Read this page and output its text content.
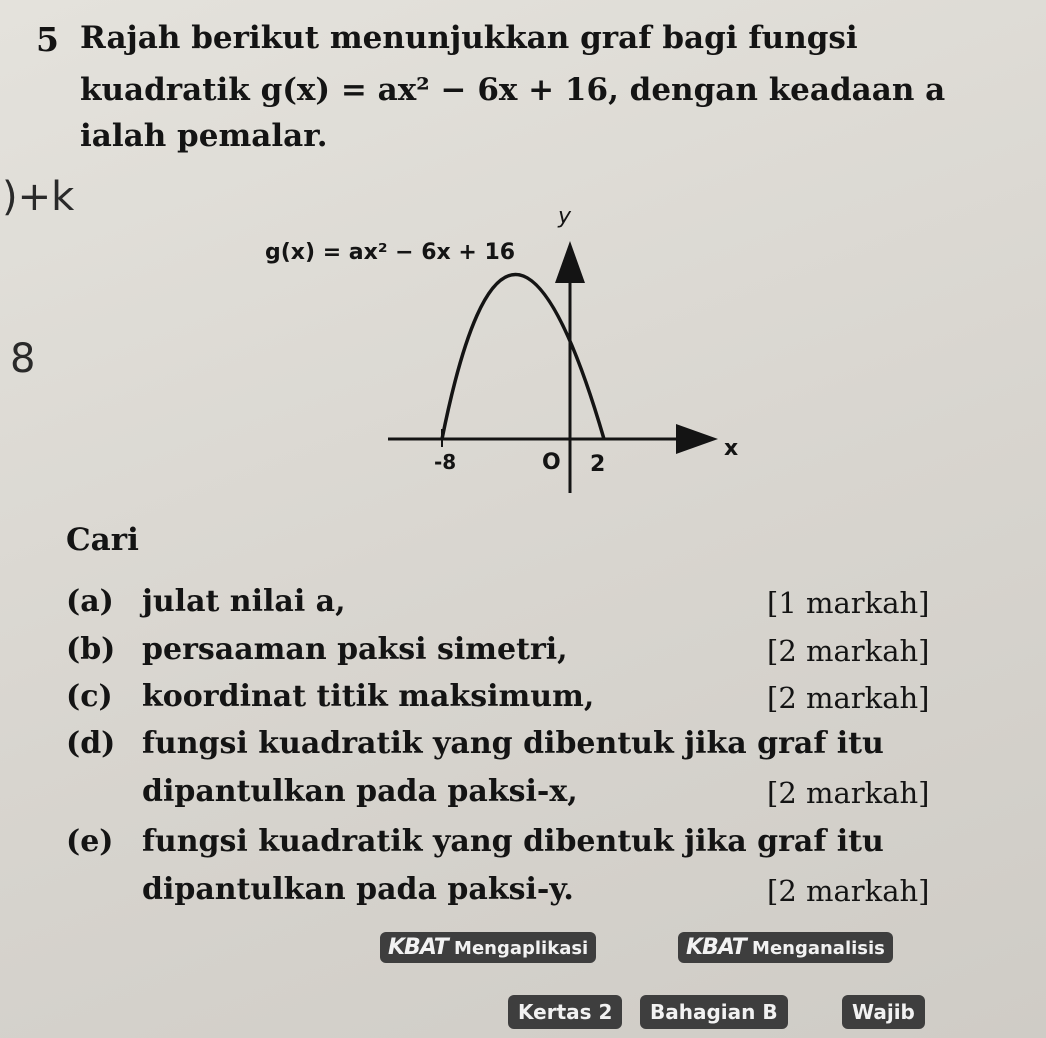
5 Rajah berikut menunjukkan graf bagi fungsi
kuadratik g(x) = ax² − 6x + 16, dengan keadaan a
ialah pemalar.
)+k
8
g(x) = ax² − 6x + 16
y
x
-8	O 2
Cari
(a) julat nilai a,	[1 markah]
(b) persaaman paksi simetri,	[2 markah]
(c) koordinat titik maksimum,	[2 markah]
(d) fungsi kuadratik yang dibentuk jika graf itu
dipantulkan pada paksi-x,	[2 markah]
(e) fungsi kuadratik yang dibentuk jika graf itu
dipantulkan pada paksi-y.	[2 markah]
KBAT Mengaplikasi	KBAT Menganalisis
Kertas 2	Bahagian B	Wajib
